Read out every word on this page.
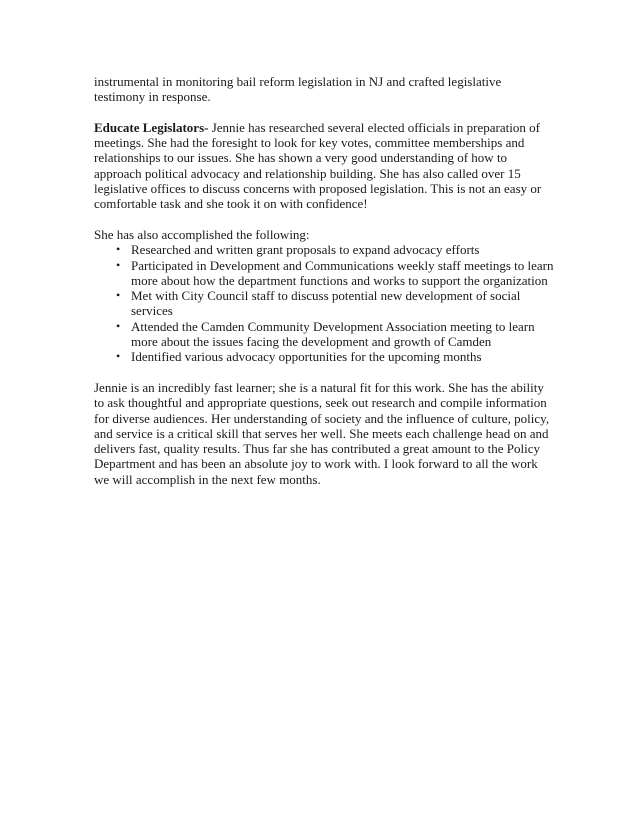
instrumental in monitoring bail reform legislation in NJ and crafted legislative testimony in response.

Educate Legislators- Jennie has researched several elected officials in preparation of meetings. She had the foresight to look for key votes, committee memberships and relationships to our issues. She has shown a very good understanding of how to approach political advocacy and relationship building. She has also called over 15 legislative offices to discuss concerns with proposed legislation. This is not an easy or comfortable task and she took it on with confidence!

She has also accomplished the following:

• Researched and written grant proposals to expand advocacy efforts
• Participated in Development and Communications weekly staff meetings to learn more about how the department functions and works to support the organization
• Met with City Council staff to discuss potential new development of social services
• Attended the Camden Community Development Association meeting to learn more about the issues facing the development and growth of Camden
• Identified various advocacy opportunities for the upcoming months

Jennie is an incredibly fast learner; she is a natural fit for this work. She has the ability to ask thoughtful and appropriate questions, seek out research and compile information for diverse audiences. Her understanding of society and the influence of culture, policy, and service is a critical skill that serves her well. She meets each challenge head on and delivers fast, quality results. Thus far she has contributed a great amount to the Policy Department and has been an absolute joy to work with. I look forward to all the work we will accomplish in the next few months.
